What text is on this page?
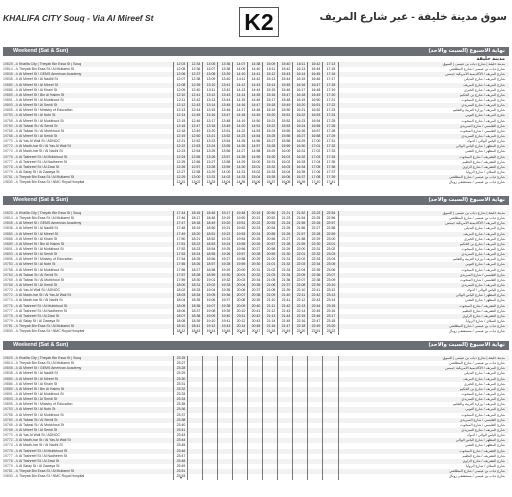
KHALIFA CITY Souq - Via Al Mireef St	K2	سوق مدينة خليفة - عبر شارع المريف
Weekend (Sat & Sun)	نهاية الاسبوع (السبت والاحد)
مدينة خليفة
19825 - A Khalifa City | Theyab Bin Essa St | Souq	12:03	12:34	13:05	13:36	14:07	14:38	15:09	15:40	16:11	16:42	17:13	مدينة خليفة | شارع ذياب بن عيسى | السوق
19814 - A Theyab Bin Essa St / Al Mutlaeni St	12:05	12:36	13:07	13:38	14:09	14:40	15:11	15:42	16:13	16:44	17:15	شارع ذياب بن عيسى / شارع المطلعني
19808 - A Al Mireef St / GEMS American Academy	12:06	12:37	13:08	13:39	14:10	14:41	15:12	15:43	16:14	16:45	17:16	شارع المريف / الأكاديمية الأمريكية جيمس
19838 - A Al Mireef St / Al Nadilli St	12:07	12:38	13:09	13:40	14:11	14:42	15:13	15:44	16:15	16:46	17:17	شارع المريف / شارع النديلي
19880 - A Al Mireef St / Al Mireef St	12:08	12:39	13:10	13:41	14:12	14:43	15:14	15:45	16:16	16:47	17:18	شارع المريف / شارع المريف
19886 - A Al Mireef St / Al Khairi St	12:09	12:40	13:11	13:42	14:13	14:44	15:15	15:46	16:17	16:48	17:19	شارع المريف / شارع الخيري
19889 - A Al Mireef St / Bin Al Hakim St	12:10	12:41	13:12	13:43	14:14	14:45	15:16	15:47	16:18	16:49	17:20	شارع المريف / شارع بن الحكيم
19891 - A Al Mireef St / Al Mubkhout St	12:11	12:42	13:13	13:44	14:15	14:46	15:17	15:48	16:19	16:50	17:21	شارع المريف / شارع المبخوت
19893 - A Al Mireef St / Al Seridi St	12:12	12:43	13:14	13:45	14:16	14:47	15:18	15:49	16:20	16:51	17:22	شارع المريف / شارع السريدي
19895 - A Al Mireef St / Ministry of Education	12:13	12:44	13:15	13:46	14:17	14:48	15:19	15:50	16:21	16:52	17:23	شارع المريف / وزارة التربية والتعليم
19753 - A Al Mireef St / Al Nobi St	12:14	12:45	13:16	13:47	14:18	14:49	15:20	15:51	16:22	16:53	17:24	شارع المريف / شارع النوبي
19758 - A Al Mireef St / Al Mubkhout St	12:15	12:46	13:17	13:48	14:19	14:50	15:21	15:52	16:23	16:54	17:25	شارع المريف / شارع المبخوت
19760 - A Al Tabasi St / Al Seridi St	12:16	12:47	13:18	13:49	14:20	14:51	15:22	15:53	16:24	16:55	17:26	شارع الطبسي / شارع السريدي
19765 - A Al Tabasi St / Al Mubkhout St	12:18	12:49	13:20	13:51	14:22	14:53	15:24	15:55	16:26	16:57	17:28	شارع الطبسي / شارع المبخوت
19768 - A Al Mireef St / Al Seridi St	12:19	12:50	13:21	13:52	14:23	14:54	15:25	15:56	16:27	16:58	17:29	شارع المريف / شارع السريدي
19770 - A Al Yas Al Wali St / ADNOC	12:21	12:52	13:23	13:54	14:25	14:56	15:27	15:58	16:29	17:00	17:31	شارع الياس الوالي / أدنوك
19772 - A Al Madh-har St / Al Yas Al Wali St	12:22	12:53	13:24	13:55	14:26	14:57	15:28	15:59	16:30	17:01	17:32	شارع المظهر / شارع الياس الوالي
19774 - A Al Madh-har St / Al Nadhi St	12:23	12:54	13:25	13:56	14:27	14:58	15:29	16:00	16:31	17:02	17:33	شارع المظهر / شارع النضي
19776 - A Al Tashreef St / Al Mubkhout St	12:24	12:55	13:26	13:57	14:28	14:59	15:30	16:01	16:32	17:03	17:34	شارع التشريف / شارع المبخوت
19777 - A Al Tashreef St / Al Nadheem St	12:25	12:56	13:27	13:58	14:29	15:00	15:31	16:02	16:33	17:04	17:35	شارع التشريف / شارع النظيم
19778 - A Al Tashreef St / Al Zawi St	12:26	12:57	13:28	13:59	14:30	15:01	15:32	16:03	16:34	17:05	17:36	شارع التشريف / شارع الزاوي
19779 - A Al Salay St / Al Zawaya St	12:27	12:58	13:29	14:00	14:31	15:02	15:33	16:04	16:35	17:06	17:37	شارع السلاي / شارع الزوايا
19781 - A Theyab Bin Essa St / Al Mutlaeni St	12:29	13:00	13:31	14:02	14:33	15:04	15:35	16:06	16:37	17:08	17:39	شارع ذياب بن عيسى / شارع المطلعني
19830 - A Theyab Bin Essa St / NMC Royal Hospital	12:31	13:02	13:33	14:04	14:35	15:06	15:37	16:08	16:39	17:10	17:41	شارع ذياب بن عيسى / مستشفى رويال
Weekend (Sat & Sun)	نهاية الاسبوع (السبت والاحد)
19825 - A Khalifa City | Theyab Bin Essa St | Souq	17:44	18:15	18:46	19:17	19:48	20:19	20:50	21:21	21:52	22:23	22:54	مدينة خليفة | شارع ذياب بن عيسى | السوق
19814 - A Theyab Bin Essa St / Al Mutlaeni St	17:46	18:17	18:48	19:19	19:50	20:21	20:52	21:23	21:54	22:25	22:56	شارع ذياب بن عيسى / شارع المطلعني
19808 - A Al Mireef St / GEMS American Academy	17:47	18:18	18:49	19:20	19:51	20:22	20:53	21:24	21:55	22:26	22:57	شارع المريف / الأكاديمية الأمريكية جيمس
19838 - A Al Mireef St / Al Nadilli St	17:48	18:19	18:50	19:21	19:52	20:23	20:54	21:25	21:56	22:27	22:58	شارع المريف / شارع النديلي
19880 - A Al Mireef St / Al Mireef St	17:49	18:20	18:51	19:22	19:53	20:24	20:55	21:26	21:57	22:28	22:59	شارع المريف / شارع المريف
19886 - A Al Mireef St / Al Khairi St	17:50	18:21	18:52	19:23	19:54	20:25	20:56	21:27	21:58	22:29	23:00	شارع المريف / شارع الخيري
19889 - A Al Mireef St / Bin Al Hakim St	17:51	18:22	18:53	19:24	19:55	20:26	20:57	21:28	21:59	22:30	23:01	شارع المريف / شارع بن الحكيم
19891 - A Al Mireef St / Al Mubkhout St	17:52	18:23	18:54	19:25	19:56	20:27	20:58	21:29	22:00	22:31	23:02	شارع المريف / شارع المبخوت
19893 - A Al Mireef St / Al Seridi St	17:53	18:24	18:55	19:26	19:57	20:28	20:59	21:30	22:01	22:32	23:03	شارع المريف / شارع السريدي
19895 - A Al Mireef St / Ministry of Education	17:54	18:25	18:56	19:27	19:58	20:29	21:00	21:31	22:02	22:33	23:04	شارع المريف / وزارة التربية والتعليم
19753 - A Al Mireef St / Al Nobi St	17:55	18:26	18:57	19:28	19:59	20:30	21:01	21:32	22:03	22:34	23:05	شارع المريف / شارع النوبي
19758 - A Al Mireef St / Al Mubkhout St	17:56	18:27	18:58	19:29	20:00	20:31	21:02	21:33	22:04	22:35	23:06	شارع المريف / شارع المبخوت
19760 - A Al Tabasi St / Al Seridi St	17:57	18:28	18:59	19:30	20:01	20:32	21:03	21:34	22:05	22:36	23:07	شارع الطبسي / شارع السريدي
19765 - A Al Tabasi St / Al Mubkhout St	17:59	18:30	19:01	19:32	20:03	20:34	21:05	21:36	22:07	22:38	23:09	شارع الطبسي / شارع المبخوت
19768 - A Al Mireef St / Al Seridi St	18:00	18:31	19:02	19:33	20:04	20:35	21:06	21:37	22:08	22:39	23:10	شارع المريف / شارع السريدي
19770 - A Al Yas Al Wali St / ADNOC	18:02	18:33	19:04	19:35	20:06	20:37	21:08	21:39	22:10	22:41	23:12	شارع الياس الوالي / أدنوك
19772 - A Al Madh-har St / Al Yas Al Wali St	18:03	18:34	19:05	19:36	20:07	20:38	21:09	21:40	22:11	22:42	23:13	شارع المظهر / شارع الياس الوالي
19774 - A Al Madh-har St / Al Nadhi St	18:04	18:35	19:06	19:37	20:08	20:39	21:10	21:41	22:12	22:43	23:14	شارع المظهر / شارع النضي
19776 - A Al Tashreef St / Al Mubkhout St	18:05	18:36	19:07	19:38	20:09	20:40	21:11	21:42	22:13	22:44	23:15	شارع التشريف / شارع المبخوت
19777 - A Al Tashreef St / Al Nadheem St	18:06	18:37	19:08	19:39	20:10	20:41	21:12	21:43	22:14	22:45	23:16	شارع التشريف / شارع النظيم
19778 - A Al Tashreef St / Al Zawi St	18:07	18:38	19:09	19:40	20:11	20:42	21:13	21:44	22:15	22:46	23:17	شارع التشريف / شارع الزاوي
19779 - A Al Salay St / Al Zawaya St	18:08	18:39	19:10	19:41	20:12	20:43	21:14	21:45	22:16	22:47	23:18	شارع السلاي / شارع الزوايا
19781 - A Theyab Bin Essa St / Al Mutlaeni St	18:10	18:41	19:12	19:43	20:14	20:45	21:16	21:47	22:18	22:49	23:20	شارع ذياب بن عيسى / شارع المطلعني
19830 - A Theyab Bin Essa St / NMC Royal Hospital	18:12	18:43	19:14	19:45	20:16	20:47	21:18	21:49	22:20	22:51	23:22	شارع ذياب بن عيسى / مستشفى رويال
Weekend (Sat & Sun)	نهاية الاسبوع (السبت والاحد)
19825 - A Khalifa City | Theyab Bin Essa St | Souq	23:25	مدينة خليفة | شارع ذياب بن عيسى | السوق
19814 - A Theyab Bin Essa St / Al Mutlaeni St	23:27	شارع ذياب بن عيسى / شارع المطلعني
19808 - A Al Mireef St / GEMS American Academy	23:28	شارع المريف / الأكاديمية الأمريكية جيمس
19838 - A Al Mireef St / Al Nadilli St	23:29	شارع المريف / شارع النديلي
19880 - A Al Mireef St / Al Mireef St	23:30	شارع المريف / شارع المريف
19886 - A Al Mireef St / Al Khairi St	23:31	شارع المريف / شارع الخيري
19889 - A Al Mireef St / Bin Al Hakim St	23:32	شارع المريف / شارع بن الحكيم
19891 - A Al Mireef St / Al Mubkhout St	23:33	شارع المريف / شارع المبخوت
19893 - A Al Mireef St / Al Seridi St	23:34	شارع المريف / شارع السريدي
19895 - A Al Mireef St / Ministry of Education	23:35	شارع المريف / وزارة التربية والتعليم
19753 - A Al Mireef St / Al Nobi St	23:36	شارع المريف / شارع النوبي
19758 - A Al Mireef St / Al Mubkhout St	23:37	شارع المريف / شارع المبخوت
19760 - A Al Tabasi St / Al Seridi St	23:38	شارع الطبسي / شارع السريدي
19765 - A Al Tabasi St / Al Mubkhout St	23:40	شارع الطبسي / شارع المبخوت
19768 - A Al Mireef St / Al Seridi St	23:41	شارع المريف / شارع السريدي
19770 - A Al Yas Al Wali St / ADNOC	23:43	شارع الياس الوالي / أدنوك
19772 - A Al Madh-har St / Al Yas Al Wali St	23:44	شارع المظهر / شارع الياس الوالي
19774 - A Al Madh-har St / Al Nadhi St	23:45	شارع المظهر / شارع النضي
19776 - A Al Tashreef St / Al Mubkhout St	23:46	شارع التشريف / شارع المبخوت
19777 - A Al Tashreef St / Al Nadheem St	23:47	شارع التشريف / شارع النظيم
19778 - A Al Tashreef St / Al Zawi St	23:48	شارع التشريف / شارع الزاوي
19779 - A Al Salay St / Al Zawaya St	23:49	شارع السلاي / شارع الزوايا
19781 - A Theyab Bin Essa St / Al Mutlaeni St	23:51	شارع ذياب بن عيسى / شارع المطلعني
19830 - A Theyab Bin Essa St / NMC Royal Hospital	23:53	شارع ذياب بن عيسى / مستشفى رويال
